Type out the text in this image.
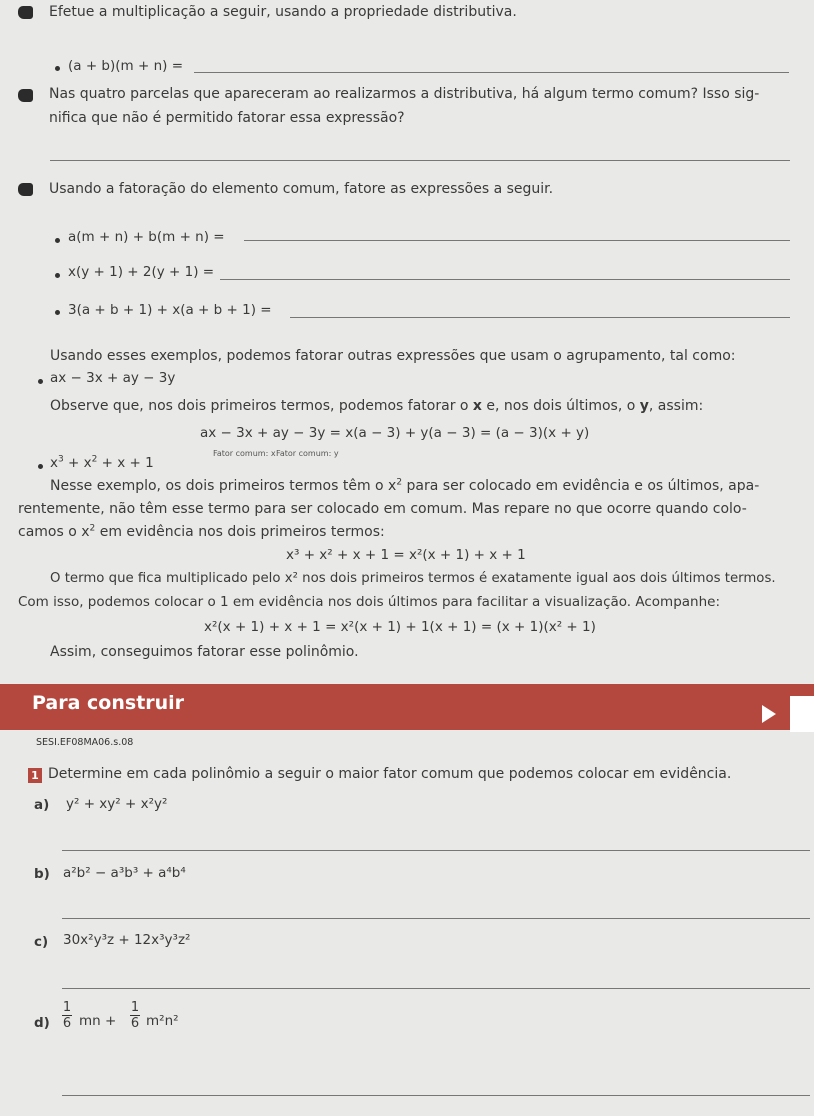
Efetue a multiplicação a seguir, usando a propriedade distributiva.
(a + b)(m + n) =
Nas quatro parcelas que apareceram ao realizarmos a distributiva, há algum termo comum? Isso sig-
nifica que não é permitido fatorar essa expressão?
Usando a fatoração do elemento comum, fatore as expressões a seguir.
a(m + n) + b(m + n) =
x(y + 1) + 2(y + 1) =
3(a + b + 1) + x(a + b + 1) =
Usando esses exemplos, podemos fatorar outras expressões que usam o agrupamento, tal como:
ax − 3x + ay − 3y
Observe que, nos dois primeiros termos, podemos fatorar o x e, nos dois últimos, o y, assim:
ax − 3x + ay − 3y = x(a − 3) + y(a − 3) = (a − 3)(x + y)
Fator comum: x Fator comum: y
$x^3 + x^2 + x + 1$
Nesse exemplo, os dois primeiros termos têm o $x^2$ para ser colocado em evidência e os últimos, apa-
rentemente, não têm esse termo para ser colocado em comum. Mas repare no que ocorre quando colo-
camos o $x^2$ em evidência nos dois primeiros termos:
x³ + x² + x + 1 = x²(x + 1) + x + 1
O termo que fica multiplicado pelo x² nos dois primeiros termos é exatamente igual aos dois últimos termos.
Com isso, podemos colocar o 1 em evidência nos dois últimos para facilitar a visualização. Acompanhe:
x²(x + 1) + x + 1 = x²(x + 1) + 1(x + 1) = (x + 1)(x² + 1)
Assim, conseguimos fatorar esse polinômio.
Para construir
SESI.EF08MA06.s.08
1 Determine em cada polinômio a seguir o maior fator comum que podemos colocar em evidência.
a) y² + xy² + x²y²
b) a²b² − a³b³ + a⁴b⁴
c) 30x²y³z + 12x³y³z²
d)
1
6 mn +
1
6 m²n²
